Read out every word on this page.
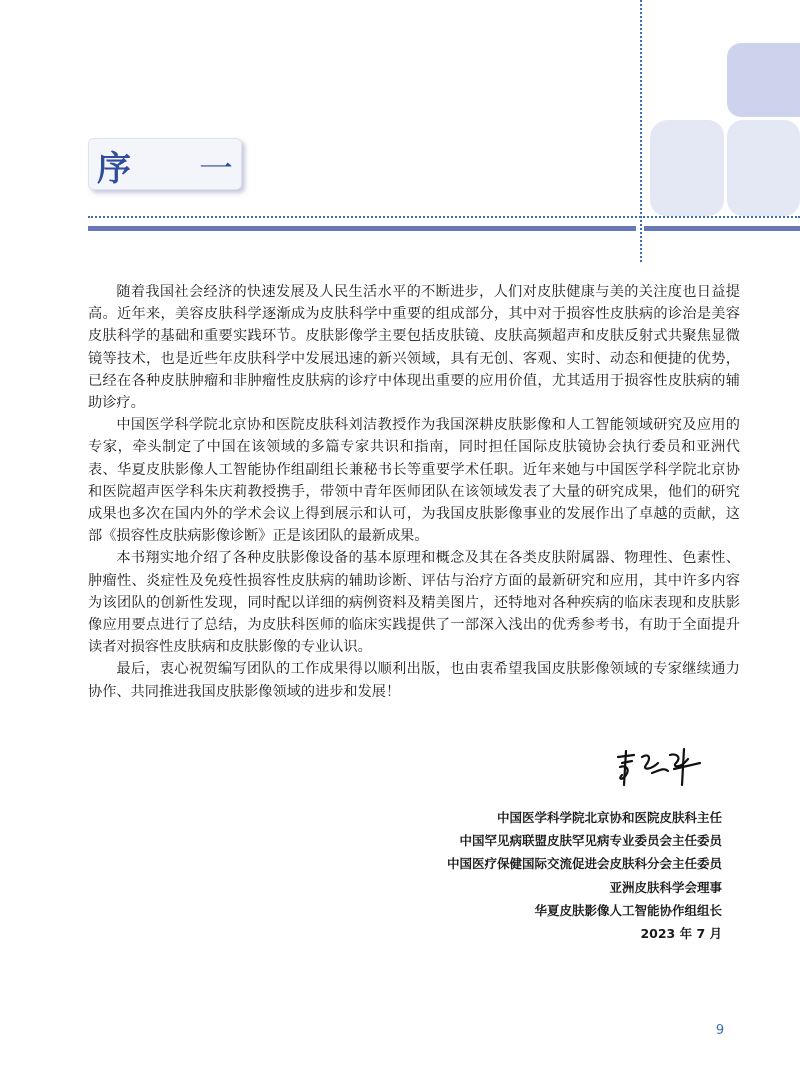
序 一

随着我国社会经济的快速发展及人民生活水平的不断进步，人们对皮肤健康与美的关注度也日益提高。近年来，美容皮肤科学逐渐成为皮肤科学中重要的组成部分，其中对于损容性皮肤病的诊治是美容皮肤科学的基础和重要实践环节。皮肤影像学主要包括皮肤镜、皮肤高频超声和皮肤反射式共聚焦显微镜等技术，也是近些年皮肤科学中发展迅速的新兴领域，具有无创、客观、实时、动态和便捷的优势，已经在各种皮肤肿瘤和非肿瘤性皮肤病的诊疗中体现出重要的应用价值，尤其适用于损容性皮肤病的辅助诊疗。

中国医学科学院北京协和医院皮肤科刘洁教授作为我国深耕皮肤影像和人工智能领域研究及应用的专家，牵头制定了中国在该领域的多篇专家共识和指南，同时担任国际皮肤镜协会执行委员和亚洲代表、华夏皮肤影像人工智能协作组副组长兼秘书长等重要学术任职。近年来她与中国医学科学院北京协和医院超声医学科朱庆莉教授携手，带领中青年医师团队在该领域发表了大量的研究成果，他们的研究成果也多次在国内外的学术会议上得到展示和认可，为我国皮肤影像事业的发展作出了卓越的贡献，这部《损容性皮肤病影像诊断》正是该团队的最新成果。

本书翔实地介绍了各种皮肤影像设备的基本原理和概念及其在各类皮肤附属器、物理性、色素性、肿瘤性、炎症性及免疫性损容性皮肤病的辅助诊断、评估与治疗方面的最新研究和应用，其中许多内容为该团队的创新性发现，同时配以详细的病例资料及精美图片，还特地对各种疾病的临床表现和皮肤影像应用要点进行了总结，为皮肤科医师的临床实践提供了一部深入浅出的优秀参考书，有助于全面提升读者对损容性皮肤病和皮肤影像的专业认识。

最后，衷心祝贺编写团队的工作成果得以顺利出版，也由衷希望我国皮肤影像领域的专家继续通力协作、共同推进我国皮肤影像领域的进步和发展！

中国医学科学院北京协和医院皮肤科主任
中国罕见病联盟皮肤罕见病专业委员会主任委员
中国医疗保健国际交流促进会皮肤科分会主任委员
亚洲皮肤科学会理事
华夏皮肤影像人工智能协作组组长
2023 年 7 月
9
